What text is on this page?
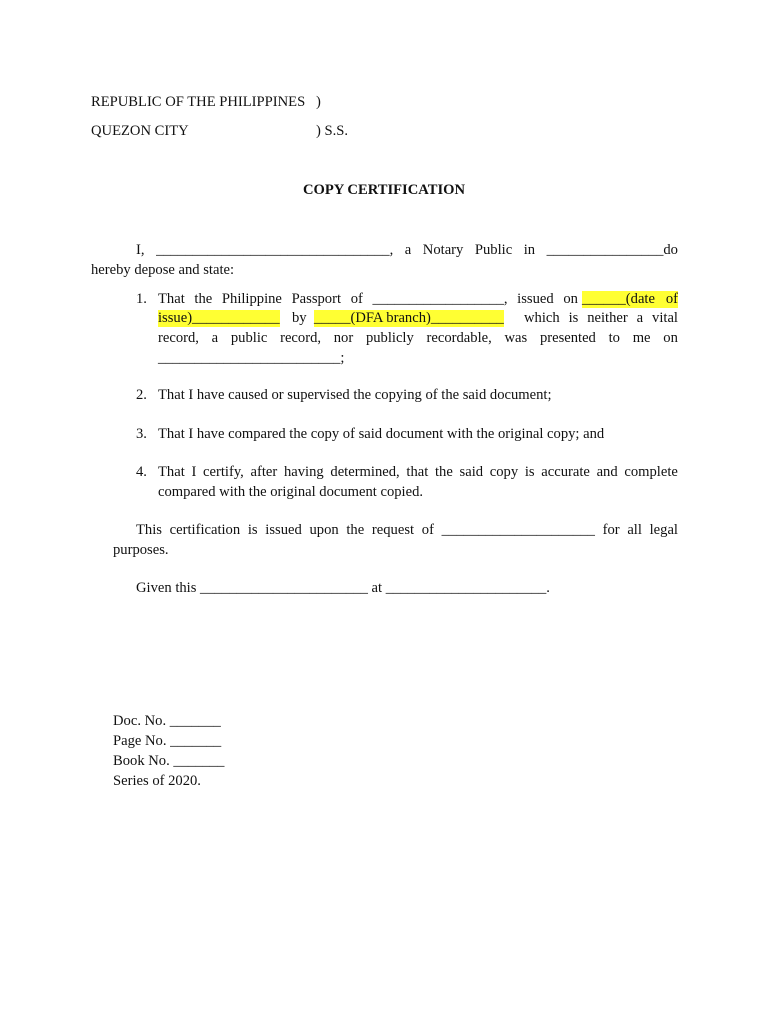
REPUBLIC OF THE PHILIPPINES )
QUEZON CITY	) S.S.
COPY CERTIFICATION
I, ________________________________, a Notary Public in ________________do
hereby depose and state:
1. That the Philippine Passport of __________________, issued on ______(date of
issue)____________ by _____(DFA branch)__________ which is neither a vital
record, a public record, nor publicly recordable, was presented to me on
_________________________;
2. That I have caused or supervised the copying of the said document;
3. That I have compared the copy of said document with the original copy; and
4. That I certify, after having determined, that the said copy is accurate and complete
compared with the original document copied.
This certification is issued upon the request of _____________________ for all legal
purposes.
Given this _______________________ at ______________________.
Doc. No. _______
Page No. _______
Book No. _______
Series of 2020.
